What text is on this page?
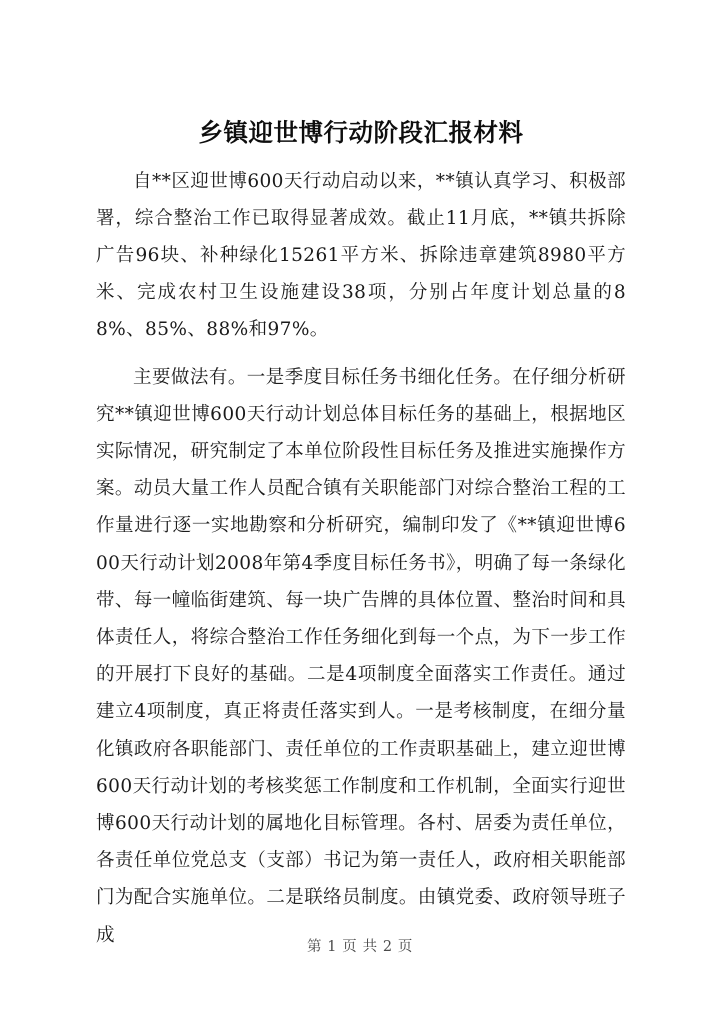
乡镇迎世博行动阶段汇报材料

自**区迎世博600天行动启动以来，**镇认真学习、积极部署，综合整治工作已取得显著成效。截止11月底，**镇共拆除广告96块、补种绿化15261平方米、拆除违章建筑8980平方米、完成农村卫生设施建设38项，分别占年度计划总量的88%、85%、88%和97%。

主要做法有。一是季度目标任务书细化任务。在仔细分析研究**镇迎世博600天行动计划总体目标任务的基础上，根据地区实际情况，研究制定了本单位阶段性目标任务及推进实施操作方案。动员大量工作人员配合镇有关职能部门对综合整治工程的工作量进行逐一实地勘察和分析研究，编制印发了《**镇迎世博600天行动计划2008年第4季度目标任务书》，明确了每一条绿化带、每一幢临街建筑、每一块广告牌的具体位置、整治时间和具体责任人，将综合整治工作任务细化到每一个点，为下一步工作的开展打下良好的基础。二是4项制度全面落实工作责任。通过建立4项制度，真正将责任落实到人。一是考核制度，在细分量化镇政府各职能部门、责任单位的工作责职基础上，建立迎世博600天行动计划的考核奖惩工作制度和工作机制，全面实行迎世博600天行动计划的属地化目标管理。各村、居委为责任单位，各责任单位党总支（支部）书记为第一责任人，政府相关职能部门为配合实施单位。二是联络员制度。由镇党委、政府领导班子成

第 1 页 共 2 页
